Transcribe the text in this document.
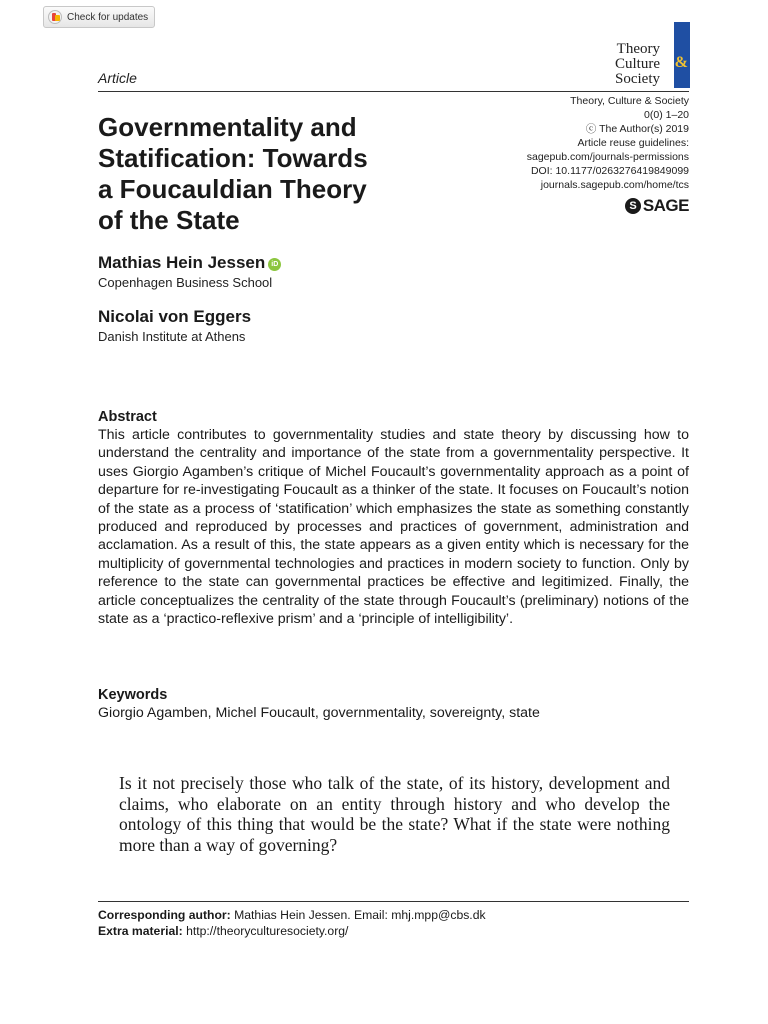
Check for updates
&
Theory
Culture
Society
Article
Governmentality and
Statification: Towards
a Foucauldian Theory
of the State
Theory, Culture & Society
0(0) 1–20
ⓒ The Author(s) 2019
Article reuse guidelines:
sagepub.com/journals-permissions
DOI: 10.1177/0263276419849099
journals.sagepub.com/home/tcs
S SAGE
Mathias Hein Jessen iD
Copenhagen Business School
Nicolai von Eggers
Danish Institute at Athens
Abstract

This article contributes to governmentality studies and state theory by discussing how to understand the centrality and importance of the state from a governmentality perspective. It uses Giorgio Agamben’s critique of Michel Foucault’s governmentality approach as a point of departure for re-investigating Foucault as a thinker of the state. It focuses on Foucault’s notion of the state as a process of ‘statification’ which emphasizes the state as something constantly produced and reproduced by processes and practices of government, administration and acclamation. As a result of this, the state appears as a given entity which is necessary for the multiplicity of governmental technologies and practices in modern society to function. Only by reference to the state can governmental practices be effective and legitimized. Finally, the article conceptualizes the centrality of the state through Foucault’s (preliminary) notions of the state as a ‘practico-reflexive prism’ and a ‘principle of intelligibility’.

Keywords
Giorgio Agamben, Michel Foucault, governmentality, sovereignty, state
Is it not precisely those who talk of the state, of its history, development and claims, who elaborate on an entity through history and who develop the ontology of this thing that would be the state? What if the state were nothing more than a way of governing?
Corresponding author: Mathias Hein Jessen. Email: mhj.mpp@cbs.dk
Extra material: http://theoryculturesociety.org/
